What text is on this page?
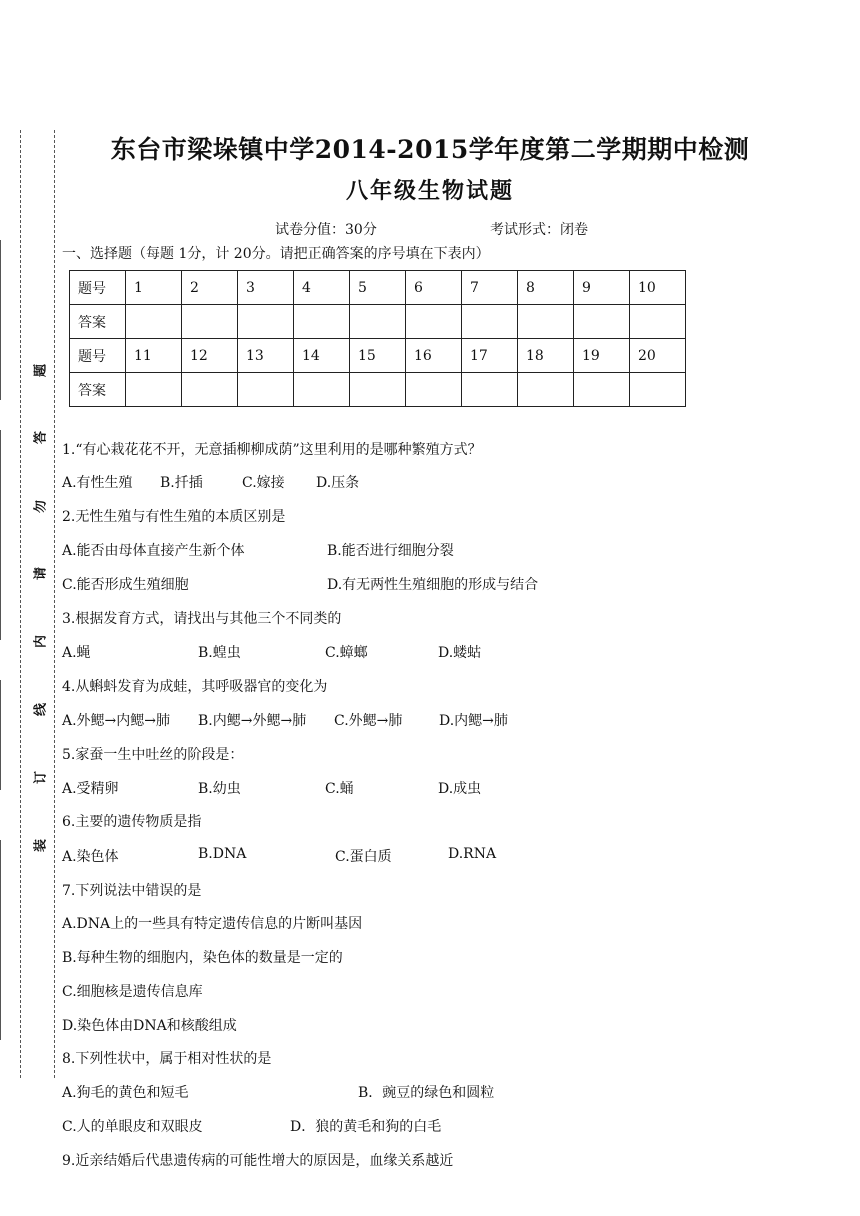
题
答
勿
请
内
线
订
装
东台市梁垛镇中学2014-2015学年度第二学期期中检测
八年级生物试题
试卷分值：30分	考试形式：闭卷
一、选择题（每题 1分，计 20分。请把正确答案的序号填在下表内）
题号	1	2	3	4	5	6	7	8	9	10
答案										
题号	11	12	13	14	15	16	17	18	19	20
答案										
1.“有心栽花花不开，无意插柳柳成荫”这里利用的是哪种繁殖方式？
A.有性生殖 B.扦插	C.嫁接 D.压条
2.无性生殖与有性生殖的本质区别是
A.能否由母体直接产生新个体	B.能否进行细胞分裂
C.能否形成生殖细胞	D.有无两性生殖细胞的形成与结合
3.根据发育方式，请找出与其他三个不同类的
A.蝇	B.蝗虫	C.蟑螂	D.蝼蛄
4.从蝌蚪发育为成蛙，其呼吸器官的变化为
A.外鳃→内鳃→肺 B.内鳃→外鳃→肺 C.外鳃→肺	D.内鳃→肺
5.家蚕一生中吐丝的阶段是：
A.受精卵	B.幼虫	C.蛹	D.成虫
6.主要的遗传物质是指
A.染色体	B.DNA	C.蛋白质	D.RNA
7.下列说法中错误的是
A.DNA上的一些具有特定遗传信息的片断叫基因
B.每种生物的细胞内，染色体的数量是一定的
C.细胞核是遗传信息库
D.染色体由DNA和核酸组成
8.下列性状中，属于相对性状的是
A.狗毛的黄色和短毛	B．豌豆的绿色和圆粒
C.人的单眼皮和双眼皮	D．狼的黄毛和狗的白毛
9.近亲结婚后代患遗传病的可能性增大的原因是，血缘关系越近
